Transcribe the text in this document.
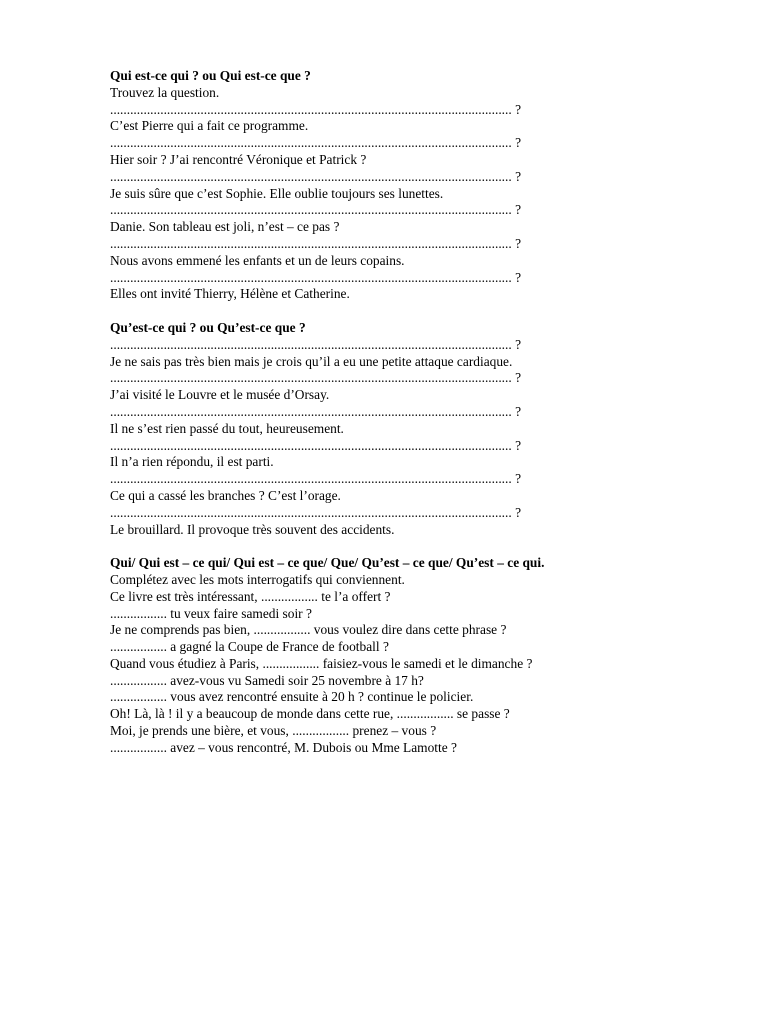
Qui est-ce qui ? ou Qui est-ce que ?
Trouvez la question.
........................................................................................................................ ?
C’est Pierre qui a fait ce programme.
........................................................................................................................ ?
Hier soir ? J’ai rencontré Véronique et Patrick ?
........................................................................................................................ ?
Je suis sûre que c’est Sophie. Elle oublie toujours ses lunettes.
........................................................................................................................ ?
Danie. Son tableau est joli, n’est – ce pas ?
........................................................................................................................ ?
Nous avons emmené les enfants et un de leurs copains.
........................................................................................................................ ?
Elles ont invité Thierry, Hélène et Catherine.
Qu’est-ce qui ? ou Qu’est-ce que ?
........................................................................................................................ ?
Je ne sais pas très bien mais je crois qu’il a eu une petite attaque cardiaque.
........................................................................................................................ ?
J’ai visité le Louvre et le musée d’Orsay.
........................................................................................................................ ?
Il ne s’est rien passé du tout, heureusement.
........................................................................................................................ ?
Il n’a rien répondu, il est parti.
........................................................................................................................ ?
Ce qui a cassé les branches ? C’est l’orage.
........................................................................................................................ ?
Le brouillard. Il provoque très souvent des accidents.
Qui/ Qui est – ce qui/ Qui est – ce que/ Que/ Qu’est – ce que/ Qu’est – ce qui.
Complétez avec les mots interrogatifs qui conviennent.
Ce livre est très intéressant, ................. te l’a offert ?
................. tu veux faire samedi soir ?
Je ne comprends pas bien, ................. vous voulez dire dans cette phrase ?
................. a gagné la Coupe de France de football ?
Quand vous étudiez à Paris, ................. faisiez-vous le samedi et le dimanche ?
................. avez-vous vu Samedi soir 25 novembre à 17 h?
................. vous avez rencontré ensuite à 20 h ? continue le policier.
Oh! Là, là ! il y a beaucoup de monde dans cette rue, ................. se passe ?
Moi, je prends une bière, et vous, ................. prenez – vous ?
................. avez – vous rencontré, M. Dubois ou Mme Lamotte ?
